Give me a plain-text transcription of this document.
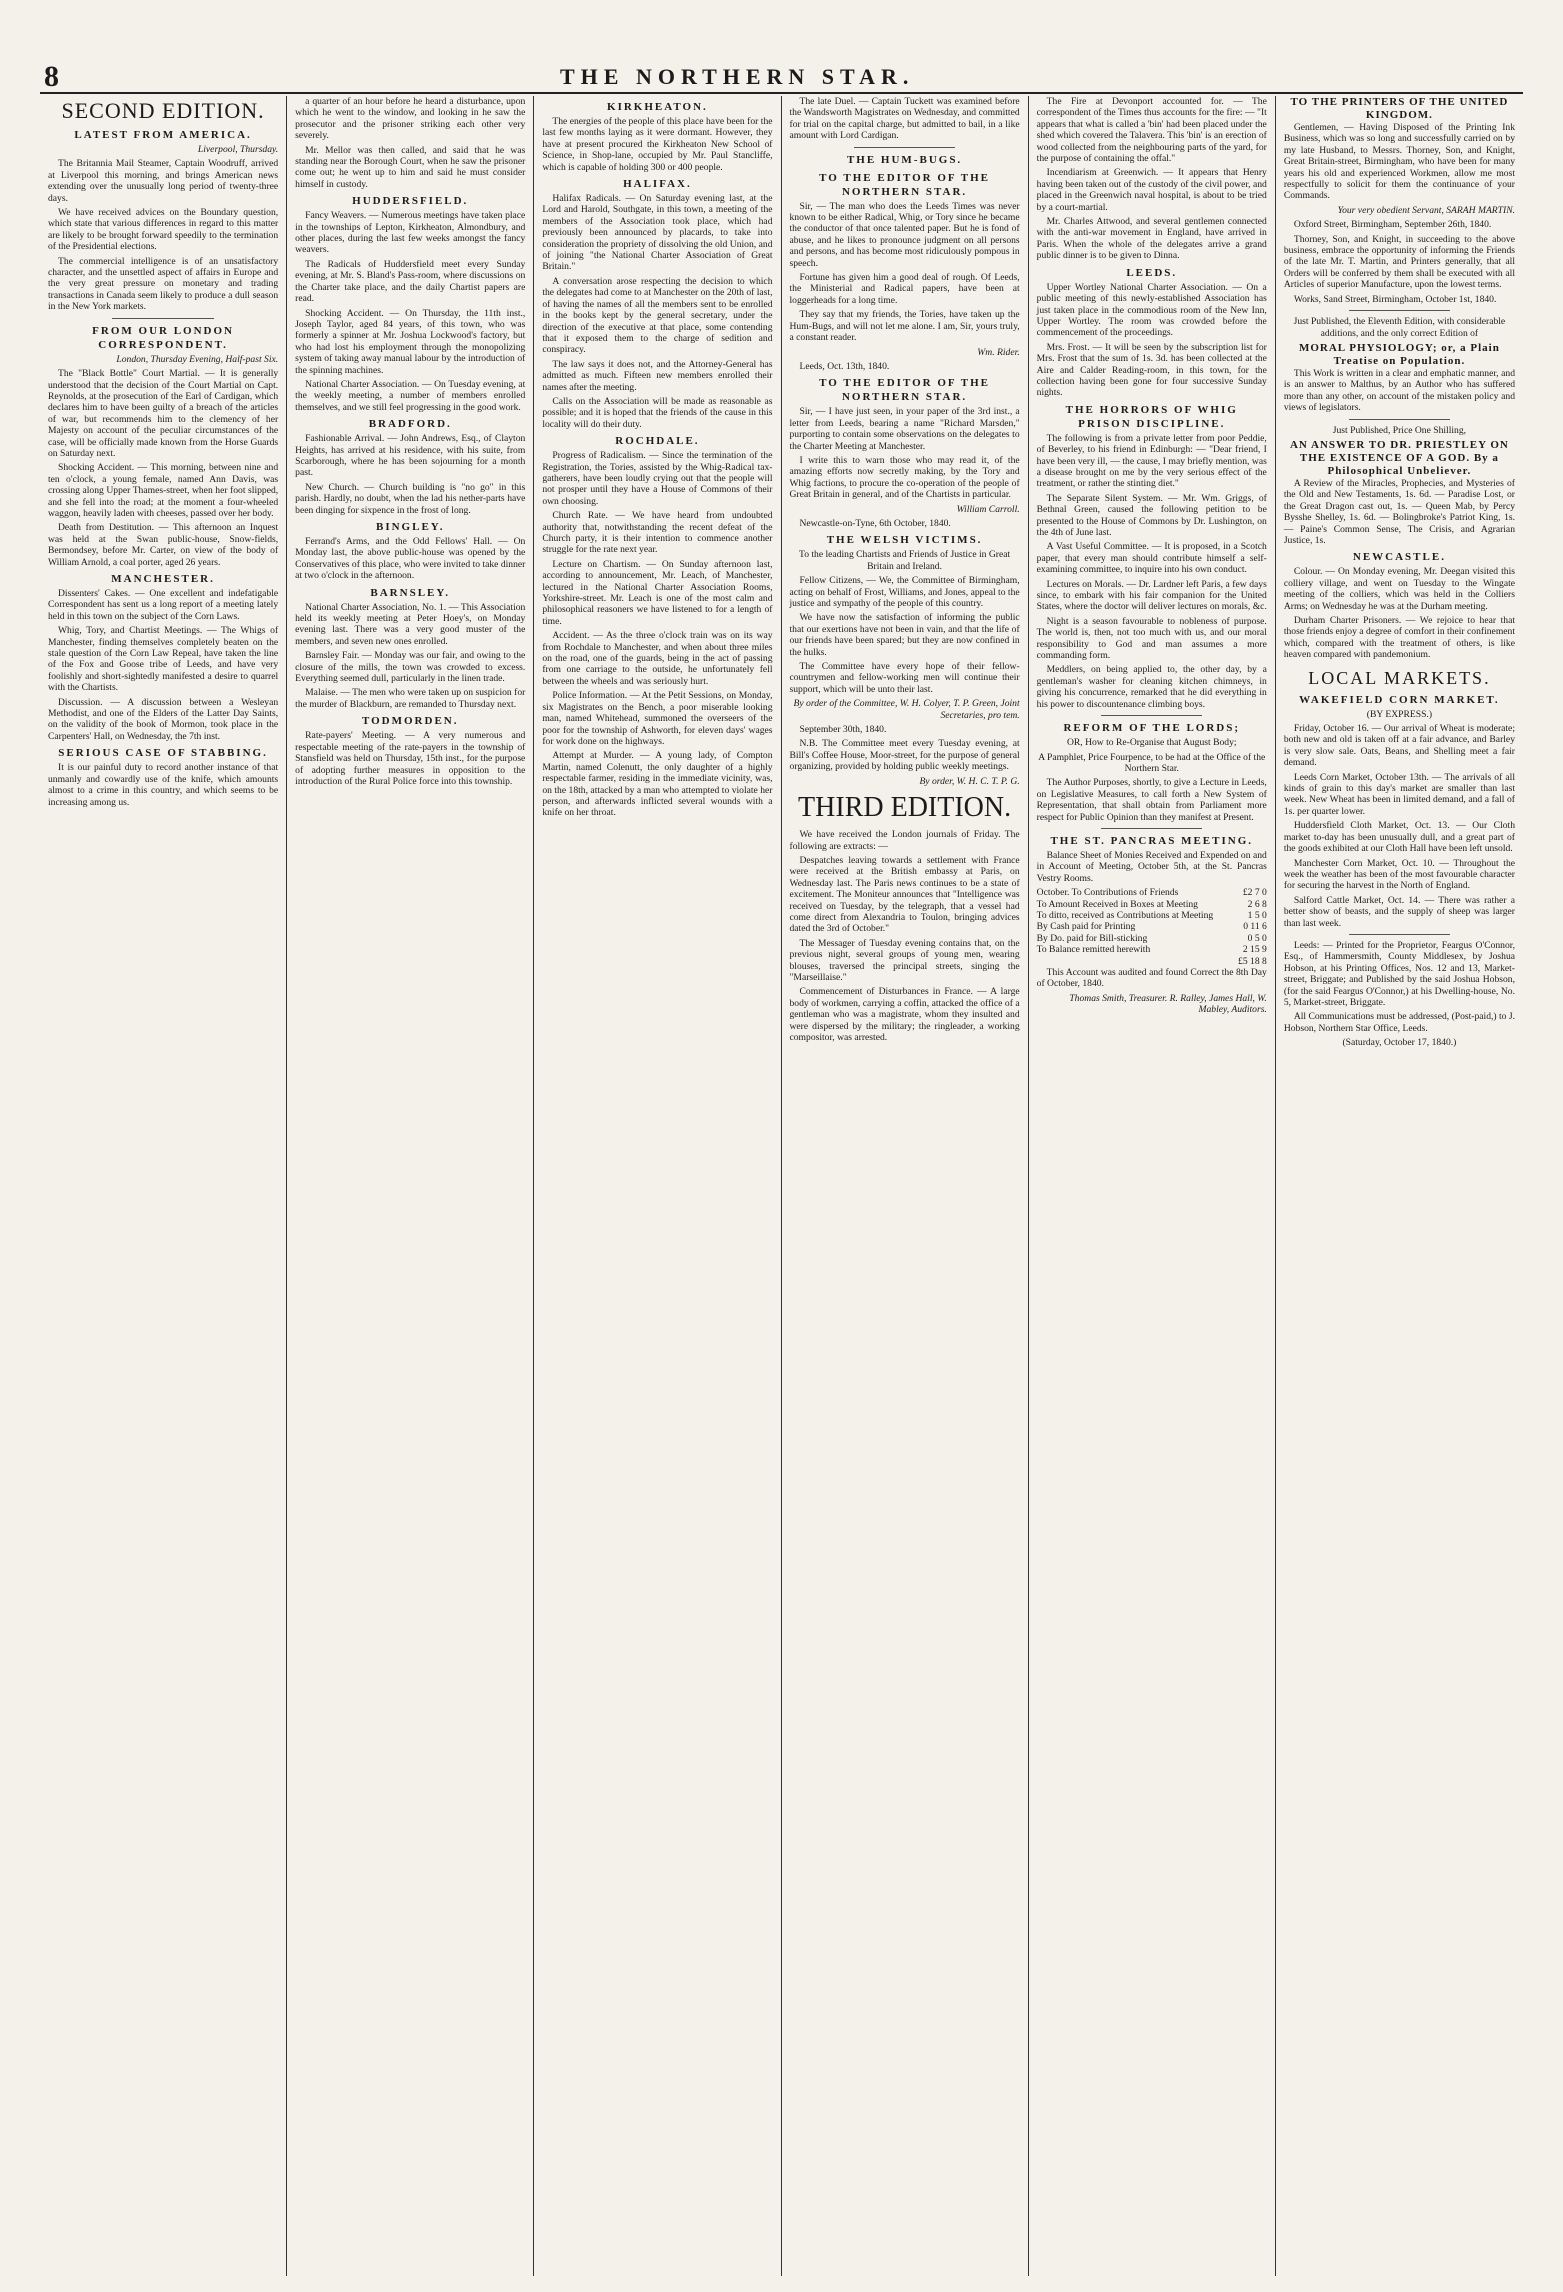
8	THE NORTHERN STAR.
SECOND EDITION.
LATEST FROM AMERICA.
Liverpool, Thursday.

The Britannia Mail Steamer, Captain Woodruff, arrived at Liverpool this morning, and brings American news extending over the unusually long period of twenty-three days.

We have received advices on the Boundary question, which state that various differences in regard to this matter are likely to be brought forward speedily to the termination of the Presidential elections.

The commercial intelligence is of an unsatisfactory character, and the unsettled aspect of affairs in Europe and the very great pressure on monetary and trading transactions in Canada seem likely to produce a dull season in the New York markets.

FROM OUR LONDON CORRESPONDENT.
London, Thursday Evening, Half-past Six.

The "Black Bottle" Court Martial. — It is generally understood that the decision of the Court Martial on Capt. Reynolds, at the prosecution of the Earl of Cardigan, which declares him to have been guilty of a breach of the articles of war, but recommends him to the clemency of her Majesty on account of the peculiar circumstances of the case, will be officially made known from the Horse Guards on Saturday next.

Shocking Accident. — This morning, between nine and ten o'clock, a young female, named Ann Davis, was crossing along Upper Thames-street, when her foot slipped, and she fell into the road; at the moment a four-wheeled waggon, heavily laden with cheeses, passed over her body.

Death from Destitution. — This afternoon an Inquest was held at the Swan public-house, Snow-fields, Bermondsey, before Mr. Carter, on view of the body of William Arnold, a coal porter, aged 26 years.

MANCHESTER.

Dissenters' Cakes. — One excellent and indefatigable Correspondent has sent us a long report of a meeting lately held in this town on the subject of the Corn Laws.

Whig, Tory, and Chartist Meetings. — The Whigs of Manchester, finding themselves completely beaten on the stale question of the Corn Law Repeal, have taken the line of the Fox and Goose tribe of Leeds, and have very foolishly and short-sightedly manifested a desire to quarrel with the Chartists.

Discussion. — A discussion between a Wesleyan Methodist, and one of the Elders of the Latter Day Saints, on the validity of the book of Mormon, took place in the Carpenters' Hall, on Wednesday, the 7th inst.

SERIOUS CASE OF STABBING.

It is our painful duty to record another instance of that unmanly and cowardly use of the knife, which amounts almost to a crime in this country, and which seems to be increasing among us.

a quarter of an hour before he heard a disturbance, upon which he went to the window, and looking in he saw the prosecutor and the prisoner striking each other very severely.

Mr. Mellor was then called, and said that he was standing near the Borough Court, when he saw the prisoner come out; he went up to him and said he must consider himself in custody.

HUDDERSFIELD.

Fancy Weavers. — Numerous meetings have taken place in the townships of Lepton, Kirkheaton, Almondbury, and other places, during the last few weeks amongst the fancy weavers.

The Radicals of Huddersfield meet every Sunday evening, at Mr. S. Bland's Pass-room, where discussions on the Charter take place, and the daily Chartist papers are read.

Shocking Accident. — On Thursday, the 11th inst., Joseph Taylor, aged 84 years, of this town, who was formerly a spinner at Mr. Joshua Lockwood's factory, but who had lost his employment through the monopolizing system of taking away manual labour by the introduction of the spinning machines.

National Charter Association. — On Tuesday evening, at the weekly meeting, a number of members enrolled themselves, and we still feel progressing in the good work.

BRADFORD.

Fashionable Arrival. — John Andrews, Esq., of Clayton Heights, has arrived at his residence, with his suite, from Scarborough, where he has been sojourning for a month past.

New Church. — Church building is "no go" in this parish. Hardly, no doubt, when the lad his nether-parts have been dinging for sixpence in the frost of long.

BINGLEY.

Ferrand's Arms, and the Odd Fellows' Hall. — On Monday last, the above public-house was opened by the Conservatives of this place, who were invited to take dinner at two o'clock in the afternoon.

BARNSLEY.

National Charter Association, No. 1. — This Association held its weekly meeting at Peter Hoey's, on Monday evening last. There was a very good muster of the members, and seven new ones enrolled.

Barnsley Fair. — Monday was our fair, and owing to the closure of the mills, the town was crowded to excess. Everything seemed dull, particularly in the linen trade.

Malaise. — The men who were taken up on suspicion for the murder of Blackburn, are remanded to Thursday next.

TODMORDEN.

Rate-payers' Meeting. — A very numerous and respectable meeting of the rate-payers in the township of Stansfield was held on Thursday, 15th inst., for the purpose of adopting further measures in opposition to the introduction of the Rural Police force into this township.

KIRKHEATON.

The energies of the people of this place have been for the last few months laying as it were dormant. However, they have at present procured the Kirkheaton New School of Science, in Shop-lane, occupied by Mr. Paul Stancliffe, which is capable of holding 300 or 400 people.

HALIFAX.

Halifax Radicals. — On Saturday evening last, at the Lord and Harold, Southgate, in this town, a meeting of the members of the Association took place, which had previously been announced by placards, to take into consideration the propriety of dissolving the old Union, and of joining "the National Charter Association of Great Britain."

A conversation arose respecting the decision to which the delegates had come to at Manchester on the 20th of last, of having the names of all the members sent to be enrolled in the books kept by the general secretary, under the direction of the executive at that place, some contending that it exposed them to the charge of sedition and conspiracy.

The law says it does not, and the Attorney-General has admitted as much. Fifteen new members enrolled their names after the meeting.

Calls on the Association will be made as reasonable as possible; and it is hoped that the friends of the cause in this locality will do their duty.

ROCHDALE.

Progress of Radicalism. — Since the termination of the Registration, the Tories, assisted by the Whig-Radical tax-gatherers, have been loudly crying out that the people will not prosper until they have a House of Commons of their own choosing.

Church Rate. — We have heard from undoubted authority that, notwithstanding the recent defeat of the Church party, it is their intention to commence another struggle for the rate next year.

Lecture on Chartism. — On Sunday afternoon last, according to announcement, Mr. Leach, of Manchester, lectured in the National Charter Association Rooms, Yorkshire-street. Mr. Leach is one of the most calm and philosophical reasoners we have listened to for a length of time.

Accident. — As the three o'clock train was on its way from Rochdale to Manchester, and when about three miles on the road, one of the guards, being in the act of passing from one carriage to the outside, he unfortunately fell between the wheels and was seriously hurt.

Police Information. — At the Petit Sessions, on Monday, six Magistrates on the Bench, a poor miserable looking man, named Whitehead, summoned the overseers of the poor for the township of Ashworth, for eleven days' wages for work done on the highways.

Attempt at Murder. — A young lady, of Compton Martin, named Colenutt, the only daughter of a highly respectable farmer, residing in the immediate vicinity, was, on the 18th, attacked by a man who attempted to violate her person, and afterwards inflicted several wounds with a knife on her throat.

The late Duel. — Captain Tuckett was examined before the Wandsworth Magistrates on Wednesday, and committed for trial on the capital charge, but admitted to bail, in a like amount with Lord Cardigan.

THE HUM-BUGS.
TO THE EDITOR OF THE NORTHERN STAR.

Sir, — The man who does the Leeds Times was never known to be either Radical, Whig, or Tory since he became the conductor of that once talented paper. But he is fond of abuse, and he likes to pronounce judgment on all persons and persons, and has become most ridiculously pompous in speech.

Fortune has given him a good deal of rough. Of Leeds, the Ministerial and Radical papers, have been at loggerheads for a long time.

They say that my friends, the Tories, have taken up the Hum-Bugs, and will not let me alone. I am, Sir, yours truly, a constant reader.

Wm. Rider.

Leeds, Oct. 13th, 1840.

TO THE EDITOR OF THE NORTHERN STAR.

Sir, — I have just seen, in your paper of the 3rd inst., a letter from Leeds, bearing a name "Richard Marsden," purporting to contain some observations on the delegates to the Charter Meeting at Manchester.

I write this to warn those who may read it, of the amazing efforts now secretly making, by the Tory and Whig factions, to procure the co-operation of the people of Great Britain in general, and of the Chartists in particular.

William Carroll.

Newcastle-on-Tyne, 6th October, 1840.

THE WELSH VICTIMS.

To the leading Chartists and Friends of Justice in Great Britain and Ireland.

Fellow Citizens, — We, the Committee of Birmingham, acting on behalf of Frost, Williams, and Jones, appeal to the justice and sympathy of the people of this country.

We have now the satisfaction of informing the public that our exertions have not been in vain, and that the life of our friends have been spared; but they are now confined in the hulks.

The Committee have every hope of their fellow-countrymen and fellow-working men will continue their support, which will be unto their last.

By order of the Committee, W. H. Colyer, T. P. Green, Joint Secretaries, pro tem.

September 30th, 1840.

N.B. The Committee meet every Tuesday evening, at Bill's Coffee House, Moor-street, for the purpose of general organizing, provided by holding public weekly meetings.

By order, W. H. C. T. P. G.
THIRD EDITION.

We have received the London journals of Friday. The following are extracts: —

Despatches leaving towards a settlement with France were received at the British embassy at Paris, on Wednesday last. The Paris news continues to be a state of excitement. The Moniteur announces that "Intelligence was received on Tuesday, by the telegraph, that a vessel had come direct from Alexandria to Toulon, bringing advices dated the 3rd of October."

The Messager of Tuesday evening contains that, on the previous night, several groups of young men, wearing blouses, traversed the principal streets, singing the "Marseillaise."

Commencement of Disturbances in France. — A large body of workmen, carrying a coffin, attacked the office of a gentleman who was a magistrate, whom they insulted and were dispersed by the military; the ringleader, a working compositor, was arrested.

The Fire at Devonport accounted for. — The correspondent of the Times thus accounts for the fire: — "It appears that what is called a 'bin' had been placed under the shed which covered the Talavera. This 'bin' is an erection of wood collected from the neighbouring parts of the yard, for the purpose of containing the offal."

Incendiarism at Greenwich. — It appears that Henry having been taken out of the custody of the civil power, and placed in the Greenwich naval hospital, is about to be tried by a court-martial.

Mr. Charles Attwood, and several gentlemen connected with the anti-war movement in England, have arrived in Paris. When the whole of the delegates arrive a grand public dinner is to be given to Dinna.

LEEDS.

Upper Wortley National Charter Association. — On a public meeting of this newly-established Association has just taken place in the commodious room of the New Inn, Upper Wortley. The room was crowded before the commencement of the proceedings.

Mrs. Frost. — It will be seen by the subscription list for Mrs. Frost that the sum of 1s. 3d. has been collected at the Aire and Calder Reading-room, in this town, for the collection having been gone for four successive Sunday nights.

THE HORRORS OF WHIG PRISON DISCIPLINE.

The following is from a private letter from poor Peddie, of Beverley, to his friend in Edinburgh: — "Dear friend, I have been very ill, — the cause, I may briefly mention, was a disease brought on me by the very serious effect of the treatment, or rather the stinting diet."

The Separate Silent System. — Mr. Wm. Griggs, of Bethnal Green, caused the following petition to be presented to the House of Commons by Dr. Lushington, on the 4th of June last.

A Vast Useful Committee. — It is proposed, in a Scotch paper, that every man should contribute himself a self-examining committee, to inquire into his own conduct.

Lectures on Morals. — Dr. Lardner left Paris, a few days since, to embark with his fair companion for the United States, where the doctor will deliver lectures on morals, &c.

Night is a season favourable to nobleness of purpose. The world is, then, not too much with us, and our moral responsibility to God and man assumes a more commanding form.

Meddlers, on being applied to, the other day, by a gentleman's washer for cleaning kitchen chimneys, in giving his concurrence, remarked that he did everything in his power to discountenance climbing boys.

REFORM OF THE LORDS;

OR, How to Re-Organise that August Body;

A Pamphlet, Price Fourpence, to be had at the Office of the Northern Star.

The Author Purposes, shortly, to give a Lecture in Leeds, on Legislative Measures, to call forth a New System of Representation, that shall obtain from Parliament more respect for Public Opinion than they manifest at Present.

THE ST. PANCRAS MEETING.

Balance Sheet of Monies Received and Expended on and in Account of Meeting, October 5th, at the St. Pancras Vestry Rooms.

October. To Contributions of Friends	£2 7 0
To Amount Received in Boxes at Meeting	2 6 8
To ditto, received as Contributions at Meeting	1 5 0
By Cash paid for Printing	0 11 6
By Do. paid for Bill-sticking	0 5 0
To Balance remitted herewith	2 15 9
	£5 18 8

This Account was audited and found Correct the 8th Day of October, 1840.

Thomas Smith, Treasurer. R. Ralley, James Hall, W. Mabley, Auditors.
TO THE PRINTERS OF THE UNITED KINGDOM.

Gentlemen, — Having Disposed of the Printing Ink Business, which was so long and successfully carried on by my late Husband, to Messrs. Thorney, Son, and Knight, Great Britain-street, Birmingham, who have been for many years his old and experienced Workmen, allow me most respectfully to solicit for them the continuance of your Commands.

Your very obedient Servant, SARAH MARTIN.

Oxford Street, Birmingham, September 26th, 1840.

Thorney, Son, and Knight, in succeeding to the above business, embrace the opportunity of informing the Friends of the late Mr. T. Martin, and Printers generally, that all Orders will be conferred by them shall be executed with all Articles of superior Manufacture, upon the lowest terms.

Works, Sand Street, Birmingham, October 1st, 1840.

Just Published, the Eleventh Edition, with considerable additions, and the only correct Edition of

MORAL PHYSIOLOGY; or, a Plain Treatise on Population.

This Work is written in a clear and emphatic manner, and is an answer to Malthus, by an Author who has suffered more than any other, on account of the mistaken policy and views of legislators.

Just Published, Price One Shilling,

AN ANSWER TO DR. PRIESTLEY ON THE EXISTENCE OF A GOD. By a Philosophical Unbeliever.

A Review of the Miracles, Prophecies, and Mysteries of the Old and New Testaments, 1s. 6d. — Paradise Lost, or the Great Dragon cast out, 1s. — Queen Mab, by Percy Bysshe Shelley, 1s. 6d. — Bolingbroke's Patriot King, 1s. — Paine's Common Sense, The Crisis, and Agrarian Justice, 1s.

NEWCASTLE.

Colour. — On Monday evening, Mr. Deegan visited this colliery village, and went on Tuesday to the Wingate meeting of the colliers, which was held in the Colliers Arms; on Wednesday he was at the Durham meeting.

Durham Charter Prisoners. — We rejoice to hear that those friends enjoy a degree of comfort in their confinement which, compared with the treatment of others, is like heaven compared with pandemonium.

LOCAL MARKETS.
WAKEFIELD CORN MARKET.

(BY EXPRESS.)

Friday, October 16. — Our arrival of Wheat is moderate; both new and old is taken off at a fair advance, and Barley is very slow sale. Oats, Beans, and Shelling meet a fair demand.

Leeds Corn Market, October 13th. — The arrivals of all kinds of grain to this day's market are smaller than last week. New Wheat has been in limited demand, and a fall of 1s. per quarter lower.

Huddersfield Cloth Market, Oct. 13. — Our Cloth market to-day has been unusually dull, and a great part of the goods exhibited at our Cloth Hall have been left unsold.

Manchester Corn Market, Oct. 10. — Throughout the week the weather has been of the most favourable character for securing the harvest in the North of England.

Salford Cattle Market, Oct. 14. — There was rather a better show of beasts, and the supply of sheep was larger than last week.

Leeds: — Printed for the Proprietor, Feargus O'Connor, Esq., of Hammersmith, County Middlesex, by Joshua Hobson, at his Printing Offices, Nos. 12 and 13, Market-street, Briggate; and Published by the said Joshua Hobson, (for the said Feargus O'Connor,) at his Dwelling-house, No. 5, Market-street, Briggate.

All Communications must be addressed, (Post-paid,) to J. Hobson, Northern Star Office, Leeds.

(Saturday, October 17, 1840.)
